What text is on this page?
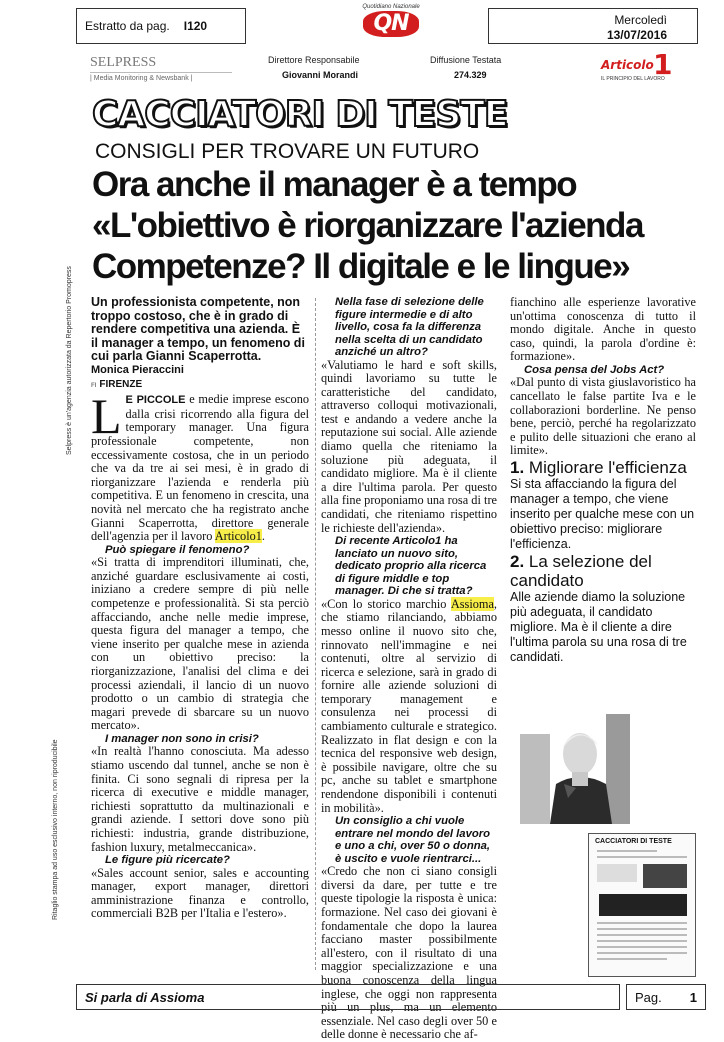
Estratto da pag. I120
Quotidiano Nazionale
QN	Mercoledì
13/07/2016
SELPRESS
| Media Monitoring & Newsbank |
Direttore Responsabile
Giovanni Morandi
Diffusione Testata
274.329
Articolo 1
IL PRINCIPIO DEL LAVORO
Ritaglio stampa ad uso esclusivo interno, non riproducibile
Selpress è un'agenzia autorizzata da Repertorio Promopress
CACCIATORI DI TESTE
CONSIGLI PER TROVARE UN FUTURO
Ora anche il manager è a tempo
«L'obiettivo è riorganizzare l'azienda
Competenze? Il digitale e le lingue»

Un professionista competente, non troppo costoso, che è in grado di rendere competitiva una azienda. È il manager a tempo, un fenomeno di cui parla Gianni Scaperrotta.

Monica Pieraccini

FI FIRENZE

L E PICCOLE e medie imprese escono dalla crisi ricorrendo alla figura del temporary manager. Una figura professionale competente, non eccessivamente costosa, che in un periodo che va da tre ai sei mesi, è in grado di riorganizzare l'azienda e renderla più competitiva. E un fenomeno in crescita, una novità nel mercato che ha registrato anche Gianni Scaperrotta, direttore generale dell'agenzia per il lavoro Articolo1.

Può spiegare il fenomeno?

«Si tratta di imprenditori illuminati, che, anziché guardare esclusivamente ai costi, iniziano a credere sempre di più nelle competenze e professionalità. Si sta perciò affacciando, anche nelle medie imprese, questa figura del manager a tempo, che viene inserito per qualche mese in azienda con un obiettivo preciso: la riorganizzazione, l'analisi del clima e dei processi aziendali, il lancio di un nuovo prodotto o un cambio di strategia che magari prevede di sbarcare su un nuovo mercato».

I manager non sono in crisi?

«In realtà l'hanno conosciuta. Ma adesso stiamo uscendo dal tunnel, anche se non è finita. Ci sono segnali di ripresa per la ricerca di executive e middle manager, richiesti soprattutto da multinazionali e grandi aziende. I settori dove sono più richiesti: industria, grande distribuzione, fashion luxury, metalmeccanica».

Le figure più ricercate?

«Sales account senior, sales e accounting manager, export manager, direttori amministrazione finanza e controllo, commerciali B2B per l'Italia e l'estero».

Nella fase di selezione delle figure intermedie e di alto livello, cosa fa la differenza nella scelta di un candidato anziché un altro?

«Valutiamo le hard e soft skills, quindi lavoriamo su tutte le caratteristiche del candidato, attraverso colloqui motivazionali, test e andando a vedere anche la reputazione sui social. Alle aziende diamo quella che riteniamo la soluzione più adeguata, il candidato migliore. Ma è il cliente a dire l'ultima parola. Per questo alla fine proponiamo una rosa di tre candidati, che riteniamo rispettino le richieste dell'azienda».

Di recente Articolo1 ha lanciato un nuovo sito, dedicato proprio alla ricerca di figure middle e top manager. Di che si tratta?

«Con lo storico marchio Assioma, che stiamo rilanciando, abbiamo messo online il nuovo sito che, rinnovato nell'immagine e nei contenuti, oltre al servizio di ricerca e selezione, sarà in grado di fornire alle aziende soluzioni di temporary management e consulenza nei processi di cambiamento culturale e strategico. Realizzato in flat design e con la tecnica del responsive web design, è possibile navigare, oltre che su pc, anche su tablet e smartphone rendendone disponibili i contenuti in mobilità».

Un consiglio a chi vuole entrare nel mondo del lavoro e uno a chi, over 50 o donna, è uscito e vuole rientrarci...

«Credo che non ci siano consigli diversi da dare, per tutte e tre queste tipologie la risposta è unica: formazione. Nel caso dei giovani è fondamentale che dopo la laurea facciano master possibilmente all'estero, con il risultato di una maggior specializzazione e una buona conoscenza della lingua inglese, che oggi non rappresenta più un plus, ma un elemento essenziale. Nel caso degli over 50 e delle donne è necessario che af-

fianchino alle esperienze lavorative un'ottima conoscenza di tutto il mondo digitale. Anche in questo caso, quindi, la parola d'ordine è: formazione».

Cosa pensa del Jobs Act?

«Dal punto di vista giuslavoristico ha cancellato le false partite Iva e le collaborazioni borderline. Ne penso bene, perciò, perché ha regolarizzato e pulito delle situazioni che erano al limite».

1. Migliorare l'efficienza

Si sta affacciando la figura del manager a tempo, che viene inserito per qualche mese con un obiettivo preciso: migliorare l'efficienza.

2. La selezione del candidato

Alle aziende diamo la soluzione più adeguata, il candidato migliore. Ma è il cliente a dire l'ultima parola su una rosa di tre candidati.

CACCIATORI DI TESTE
Si parla di Assioma	Pag. 1
